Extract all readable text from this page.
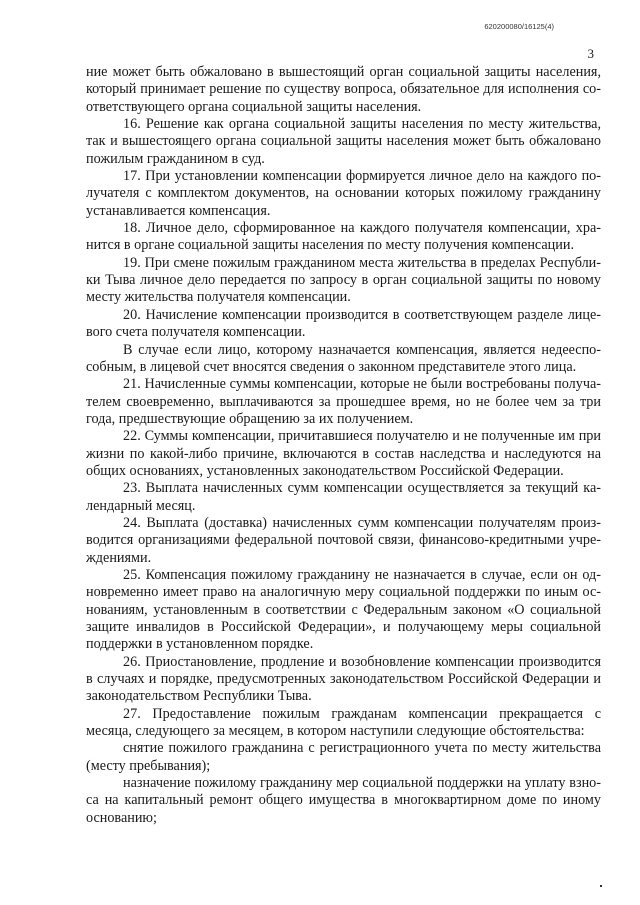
620200080/16125(4)
3

ние может быть обжаловано в вышестоящий орган социальной защиты населения, который принимает решение по существу вопроса, обязательное для исполнения соответствующего органа социальной защиты населения.

16. Решение как органа социальной защиты населения по месту жительства, так и вышестоящего органа социальной защиты населения может быть обжаловано пожилым гражданином в суд.

17. При установлении компенсации формируется личное дело на каждого получателя с комплектом документов, на основании которых пожилому гражданину устанавливается компенсация.

18. Личное дело, сформированное на каждого получателя компенсации, хранится в органе социальной защиты населения по месту получения компенсации.

19. При смене пожилым гражданином места жительства в пределах Республики Тыва личное дело передается по запросу в орган социальной защиты по новому месту жительства получателя компенсации.

20. Начисление компенсации производится в соответствующем разделе лицевого счета получателя компенсации.

В случае если лицо, которому назначается компенсация, является недееспособным, в лицевой счет вносятся сведения о законном представителе этого лица.

21. Начисленные суммы компенсации, которые не были востребованы получателем своевременно, выплачиваются за прошедшее время, но не более чем за три года, предшествующие обращению за их получением.

22. Суммы компенсации, причитавшиеся получателю и не полученные им при жизни по какой-либо причине, включаются в состав наследства и наследуются на общих основаниях, установленных законодательством Российской Федерации.

23. Выплата начисленных сумм компенсации осуществляется за текущий календарный месяц.

24. Выплата (доставка) начисленных сумм компенсации получателям производится организациями федеральной почтовой связи, финансово-кредитными учреждениями.

25. Компенсация пожилому гражданину не назначается в случае, если он одновременно имеет право на аналогичную меру социальной поддержки по иным основаниям, установленным в соответствии с Федеральным законом «О социальной защите инвалидов в Российской Федерации», и получающему меры социальной поддержки в установленном порядке.

26. Приостановление, продление и возобновление компенсации производится в случаях и порядке, предусмотренных законодательством Российской Федерации и законодательством Республики Тыва.

27. Предоставление пожилым гражданам компенсации прекращается с месяца, следующего за месяцем, в котором наступили следующие обстоятельства:

снятие пожилого гражданина с регистрационного учета по месту жительства (месту пребывания);

назначение пожилому гражданину мер социальной поддержки на уплату взноса на капитальный ремонт общего имущества в многоквартирном доме по иному основанию;
